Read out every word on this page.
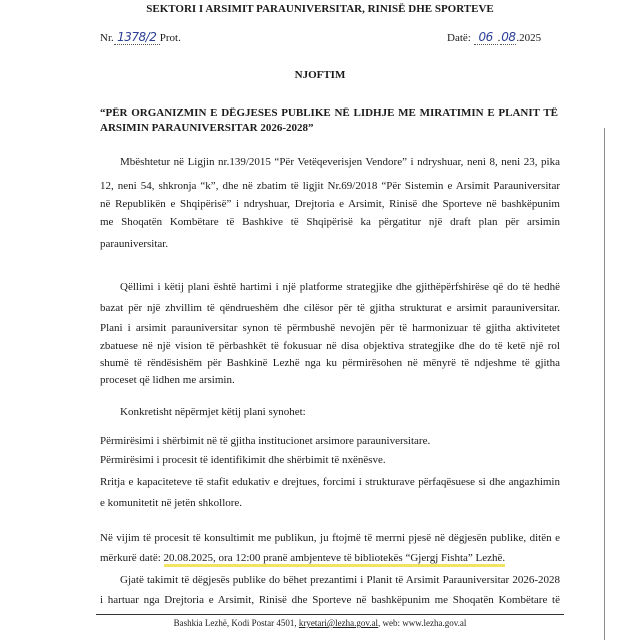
SEKTORI I ARSIMIT PARAUNIVERSITAR, RINISË DHE SPORTEVE
Nr. 1378/2 Prot.	Datë: 06 .08.2025
NJOFTIM
“PËR ORGANIZMIN E DËGJESES PUBLIKE NË LIDHJE ME MIRATIMIN E PLANIT TË
ARSIMIN PARAUNIVERSITAR 2026-2028”
Mbështetur në Ligjin nr.139/2015 “Për Vetëqeverisjen Vendore” i ndryshuar, neni 8, neni 23, pika
12, neni 54, shkronja “k”, dhe në zbatim të ligjit Nr.69/2018 “Për Sistemin e Arsimit Parauniversitar
në Republikën e Shqipërisë” i ndryshuar, Drejtoria e Arsimit, Rinisë dhe Sporteve në bashkëpunim
me Shoqatën Kombëtare të Bashkive të Shqipërisë ka përgatitur një draft plan për arsimin
parauniversitar.
Qëllimi i këtij plani është hartimi i një platforme strategjike dhe gjithëpërfshirëse që do të hedhë
bazat për një zhvillim të qëndrueshëm dhe cilësor për të gjitha strukturat e arsimit parauniversitar.
Plani i arsimit parauniversitar synon të përmbushë nevojën për të harmonizuar të gjitha aktivitetet
zbatuese në një vision të përbashkët të fokusuar në disa objektiva strategjike dhe do të ketë një rol
shumë të rëndësishëm për Bashkinë Lezhë nga ku përmirësohen në mënyrë të ndjeshme të gjitha
proceset që lidhen me arsimin.
Konkretisht nëpërmjet këtij plani synohet:
Përmirësimi i shërbimit në të gjitha institucionet arsimore parauniversitare.
Përmirësimi i procesit të identifikimit dhe shërbimit të nxënësve.
Rritja e kapaciteteve të stafit edukativ e drejtues, forcimi i strukturave përfaqësuese si dhe angazhimin
e komunitetit në jetën shkollore.
Në vijim të procesit të konsultimit me publikun, ju ftojmë të merrni pjesë në dëgjesën publike, ditën e
mërkurë datë: 20.08.2025, ora 12:00 pranë ambjenteve të bibliotekës “Gjergj Fishta” Lezhë.
Gjatë takimit të dëgjesës publike do bëhet prezantimi i Planit të Arsimit Parauniversitar 2026-2028
i hartuar nga Drejtoria e Arsimit, Rinisë dhe Sporteve në bashkëpunim me Shoqatën Kombëtare të
Bashkia Lezhë, Kodi Postar 4501, kryetari@lezha.gov.al, web: www.lezha.gov.al
